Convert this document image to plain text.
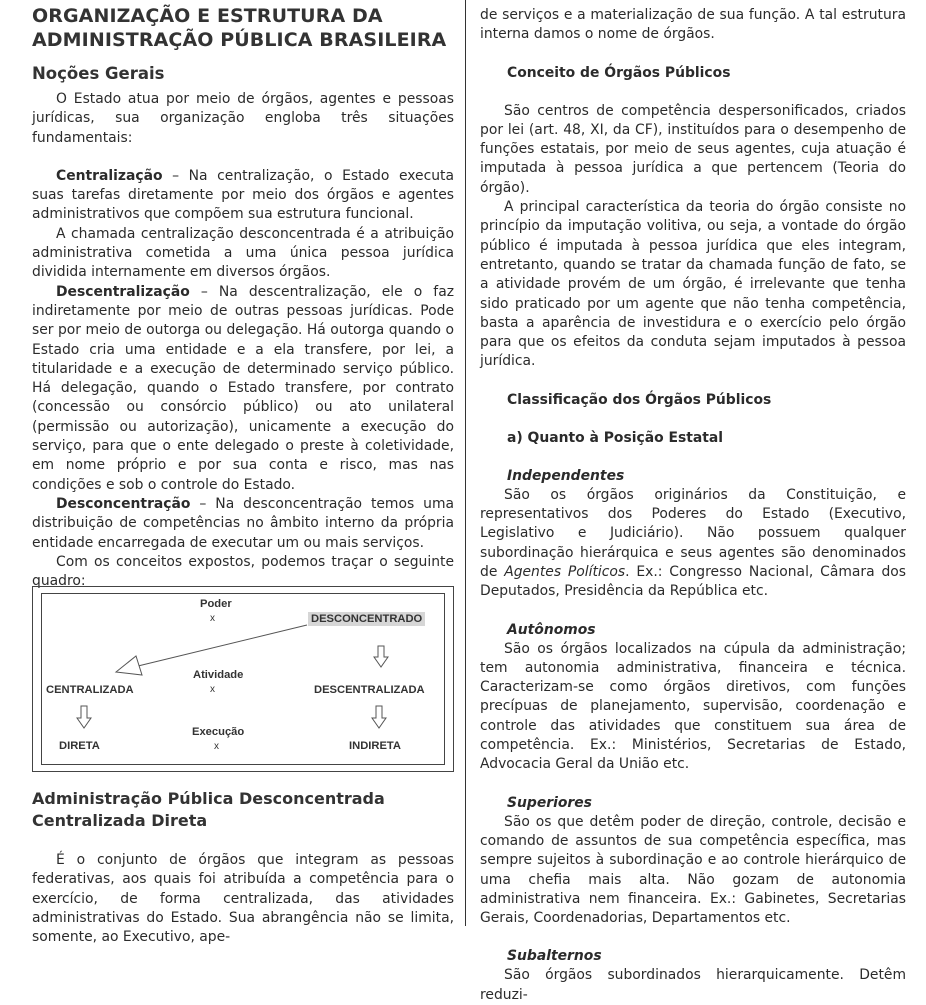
ORGANIZAÇÃO E ESTRUTURA DA
ADMINISTRAÇÃO PÚBLICA BRASILEIRA
Noções Gerais

O Estado atua por meio de órgãos, agentes e pessoas jurídicas, sua organização engloba três situações fundamentais:

Centralização – Na centralização, o Estado executa suas tarefas diretamente por meio dos órgãos e agentes administrativos que compõem sua estrutura funcional.

A chamada centralização desconcentrada é a atribuição administrativa cometida a uma única pessoa jurídica dividida internamente em diversos órgãos.

Descentralização – Na descentralização, ele o faz indiretamente por meio de outras pessoas jurídicas. Pode ser por meio de outorga ou delegação. Há outorga quando o Estado cria uma entidade e a ela transfere, por lei, a titularidade e a execução de determinado serviço público. Há delegação, quando o Estado transfere, por contrato (concessão ou consórcio público) ou ato unilateral (permissão ou autorização), unicamente a execução do serviço, para que o ente delegado o preste à coletividade, em nome próprio e por sua conta e risco, mas nas condições e sob o controle do Estado.

Desconcentração – Na desconcentração temos uma distribuição de competências no âmbito interno da própria entidade encarregada de executar um ou mais serviços.

Com os conceitos expostos, podemos traçar o seguinte quadro:

Poder
x	DESCONCENTRADO
Atividade
x
CENTRALIZADA	DESCENTRALIZADA
Execução
x
DIRETA	INDIRETA
Administração Pública Desconcentrada Centralizada Direta

É o conjunto de órgãos que integram as pessoas federativas, aos quais foi atribuída a competência para o exercício, de forma centralizada, das atividades administrativas do Estado. Sua abrangência não se limita, somente, ao Executivo, ape-

de serviços e a materialização de sua função. A tal estrutura interna damos o nome de órgãos.

Conceito de Órgãos Públicos

São centros de competência despersonificados, criados por lei (art. 48, XI, da CF), instituídos para o desempenho de funções estatais, por meio de seus agentes, cuja atuação é imputada à pessoa jurídica a que pertencem (Teoria do órgão).

A principal característica da teoria do órgão consiste no princípio da imputação volitiva, ou seja, a vontade do órgão público é imputada à pessoa jurídica que eles integram, entretanto, quando se tratar da chamada função de fato, se a atividade provém de um órgão, é irrelevante que tenha sido praticado por um agente que não tenha competência, basta a aparência de investidura e o exercício pelo órgão para que os efeitos da conduta sejam imputados à pessoa jurídica.

Classificação dos Órgãos Públicos

a) Quanto à Posição Estatal

Independentes

São os órgãos originários da Constituição, e representativos dos Poderes do Estado (Executivo, Legislativo e Judiciário). Não possuem qualquer subordinação hierárquica e seus agentes são denominados de Agentes Políticos. Ex.: Congresso Nacional, Câmara dos Deputados, Presidência da República etc.

Autônomos

São os órgãos localizados na cúpula da administração; tem autonomia administrativa, financeira e técnica. Caracterizam-se como órgãos diretivos, com funções precípuas de planejamento, supervisão, coordenação e controle das atividades que constituem sua área de competência. Ex.: Ministérios, Secretarias de Estado, Advocacia Geral da União etc.

Superiores

São os que detêm poder de direção, controle, decisão e comando de assuntos de sua competência específica, mas sempre sujeitos à subordinação e ao controle hierárquico de uma chefia mais alta. Não gozam de autonomia administrativa nem financeira. Ex.: Gabinetes, Secretarias Gerais, Coordenadorias, Departamentos etc.

Subalternos

São órgãos subordinados hierarquicamente. Detêm reduzi-
